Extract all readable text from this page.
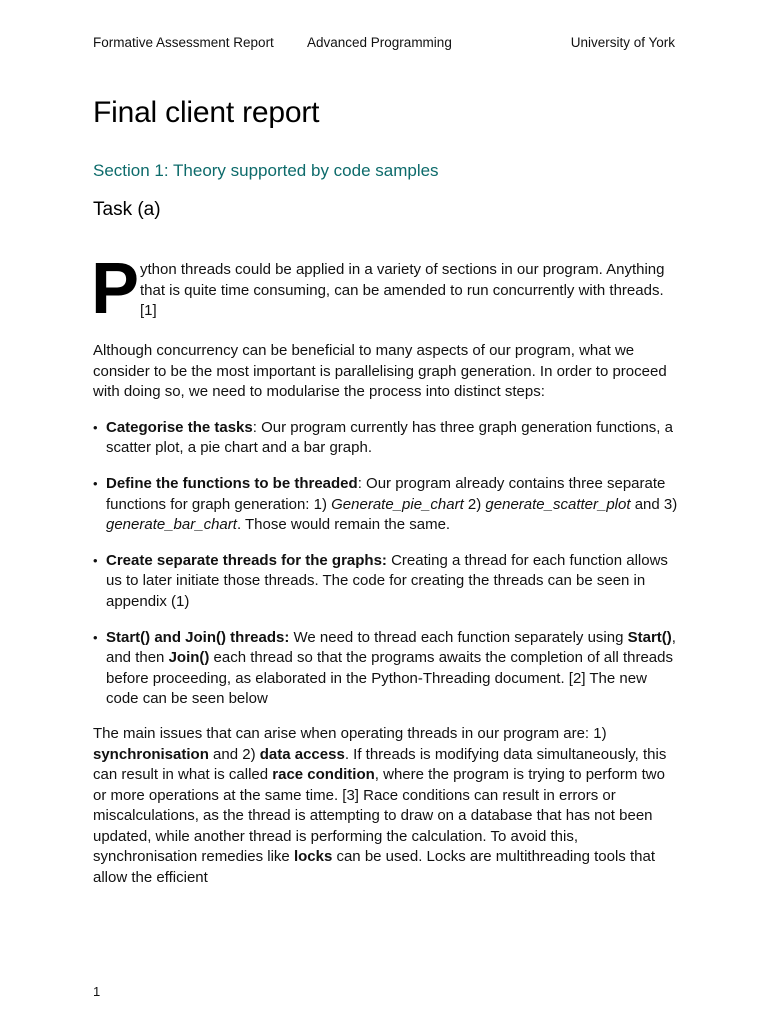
Formative Assessment Report Advanced Programming	University of York
Final client report
Section 1: Theory supported by code samples
Task (a)
P ython threads could be applied in a variety of sections in our program. Anything that is quite time consuming, can be amended to run concurrently with threads. [1]

Although concurrency can be beneficial to many aspects of our program, what we consider to be the most important is parallelising graph generation. In order to proceed with doing so, we need to modularise the process into distinct steps:

• Categorise the tasks: Our program currently has three graph generation functions, a scatter plot, a pie chart and a bar graph.
• Define the functions to be threaded: Our program already contains three separate functions for graph generation: 1) Generate_pie_chart 2) generate_scatter_plot and 3) generate_bar_chart. Those would remain the same.
• Create separate threads for the graphs: Creating a thread for each function allows us to later initiate those threads. The code for creating the threads can be seen in appendix (1)
• Start() and Join() threads: We need to thread each function separately using Start(), and then Join() each thread so that the programs awaits the completion of all threads before proceeding, as elaborated in the Python-Threading document. [2] The new code can be seen below

The main issues that can arise when operating threads in our program are: 1) synchronisation and 2) data access. If threads is modifying data simultaneously, this can result in what is called race condition, where the program is trying to perform two or more operations at the same time. [3] Race conditions can result in errors or miscalculations, as the thread is attempting to draw on a database that has not been updated, while another thread is performing the calculation. To avoid this, synchronisation remedies like locks can be used. Locks are multithreading tools that allow the efficient

1
